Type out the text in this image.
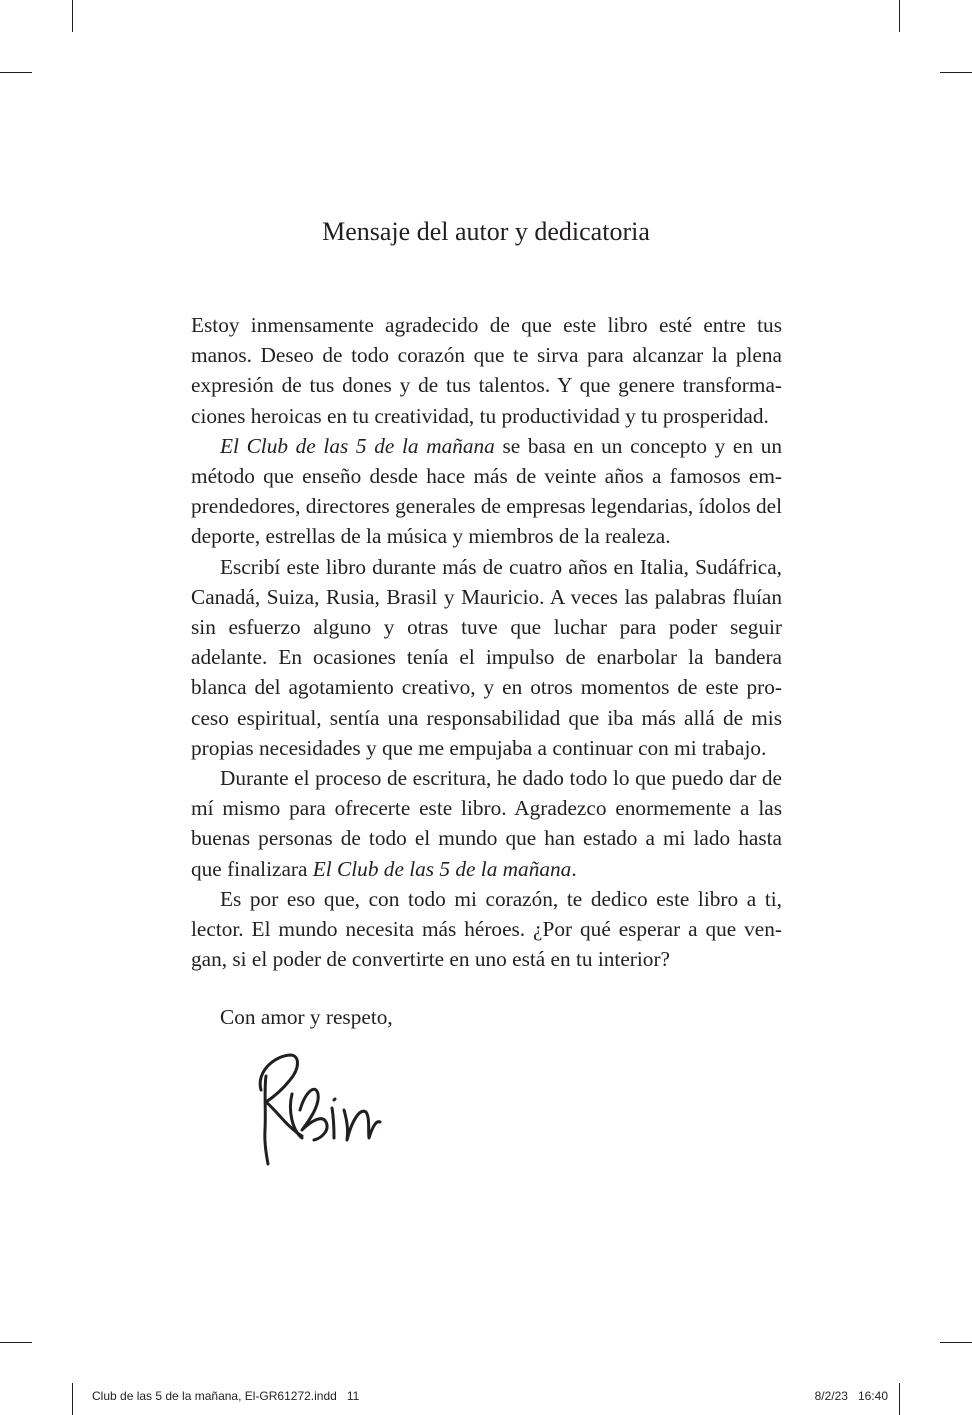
Mensaje del autor y dedicatoria

Estoy inmensamente agradecido de que este libro esté entre tus manos. Deseo de todo corazón que te sirva para alcanzar la plena expresión de tus dones y de tus talentos. Y que genere transformaciones heroicas en tu creatividad, tu productividad y tu prosperidad.

El Club de las 5 de la mañana se basa en un concepto y en un método que enseño desde hace más de veinte años a famosos emprendedores, directores generales de empresas legendarias, ídolos del deporte, estrellas de la música y miembros de la realeza.

Escribí este libro durante más de cuatro años en Italia, Sudáfrica, Canadá, Suiza, Rusia, Brasil y Mauricio. A veces las palabras fluían sin esfuerzo alguno y otras tuve que luchar para poder seguir adelante. En ocasiones tenía el impulso de enarbolar la bandera blanca del agotamiento creativo, y en otros momentos de este proceso espiritual, sentía una responsabilidad que iba más allá de mis propias necesidades y que me empujaba a continuar con mi trabajo.

Durante el proceso de escritura, he dado todo lo que puedo dar de mí mismo para ofrecerte este libro. Agradezco enormemente a las buenas personas de todo el mundo que han estado a mi lado hasta que finalizara El Club de las 5 de la mañana.

Es por eso que, con todo mi corazón, te dedico este libro a ti, lector. El mundo necesita más héroes. ¿Por qué esperar a que vengan, si el poder de convertirte en uno está en tu interior?

Con amor y respeto,
Club de las 5 de la mañana, El-GR61272.indd   11	8/2/23   16:40
